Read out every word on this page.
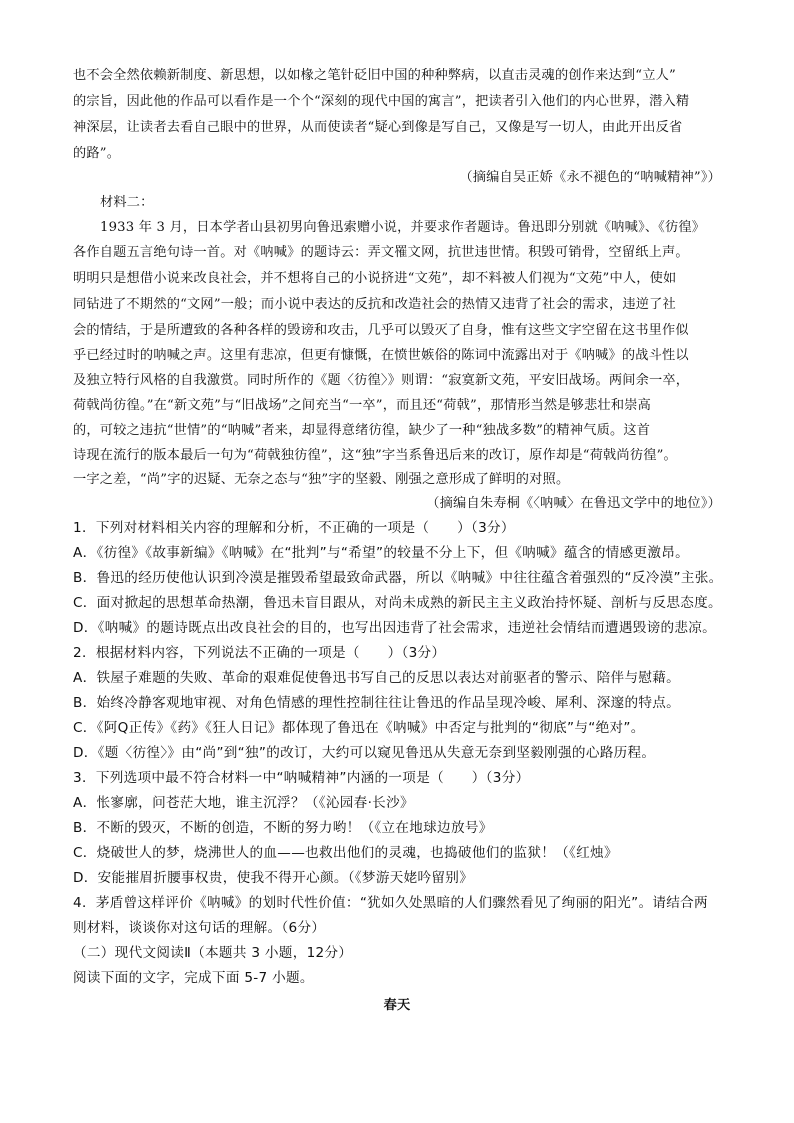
也不会全然依赖新制度、新思想，以如椽之笔针砭旧中国的种种弊病，以直击灵魂的创作来达到“立人”
的宗旨，因此他的作品可以看作是一个个“深刻的现代中国的寓言”，把读者引入他们的内心世界，潜入精
神深层，让读者去看自己眼中的世界，从而使读者“疑心到像是写自己，又像是写一切人，由此开出反省
的路”。
（摘编自吴正娇《永不褪色的“呐喊精神”》）
材料二：
1933 年 3 月，日本学者山县初男向鲁迅索赠小说，并要求作者题诗。鲁迅即分别就《呐喊》、《彷徨》
各作自题五言绝句诗一首。对《呐喊》的题诗云：弄文罹文网，抗世违世情。积毁可销骨，空留纸上声。
明明只是想借小说来改良社会，并不想将自己的小说挤进“文苑”，却不料被人们视为“文苑”中人，使如
同钻进了不期然的“文网”一般；而小说中表达的反抗和改造社会的热情又违背了社会的需求，违逆了社
会的情结，于是所遭致的各种各样的毁谤和攻击，几乎可以毁灭了自身，惟有这些文字空留在这书里作似
乎已经过时的呐喊之声。这里有悲凉，但更有慷慨，在愤世嫉俗的陈词中流露出对于《呐喊》的战斗性以
及独立特行风格的自我激赏。同时所作的《题〈彷徨〉》则谓：“寂寞新文苑，平安旧战场。两间余一卒，
荷戟尚彷徨。”在“新文苑”与“旧战场”之间充当“一卒”，而且还“荷戟”，那情形当然是够悲壮和崇高
的，可较之违抗“世情”的“呐喊”者来，却显得意绪彷徨，缺少了一种“独战多数”的精神气质。这首
诗现在流行的版本最后一句为“荷戟独彷徨”，这“独”字当系鲁迅后来的改订，原作却是“荷戟尚彷徨”。
一字之差，“尚”字的迟疑、无奈之态与“独”字的坚毅、刚强之意形成了鲜明的对照。
（摘编自朱寿桐《〈呐喊〉在鲁迅文学中的地位》）
1．下列对材料相关内容的理解和分析，不正确的一项是（　　）（3分）
A．《彷徨》《故事新编》《呐喊》在“批判”与“希望”的较量不分上下，但《呐喊》蕴含的情感更激昂。
B．鲁迅的经历使他认识到冷漠是摧毁希望最致命武器，所以《呐喊》中往往蕴含着强烈的“反冷漠”主张。
C．面对掀起的思想革命热潮，鲁迅未盲目跟从，对尚未成熟的新民主主义政治持怀疑、剖析与反思态度。
D．《呐喊》的题诗既点出改良社会的目的，也写出因违背了社会需求，违逆社会情结而遭遇毁谤的悲凉。
2．根据材料内容，下列说法不正确的一项是（　　）（3分）
A．铁屋子难题的失败、革命的艰难促使鲁迅书写自己的反思以表达对前驱者的警示、陪伴与慰藉。
B．始终冷静客观地审视、对角色情感的理性控制往往让鲁迅的作品呈现冷峻、犀利、深邃的特点。
C．《阿Q正传》《药》《狂人日记》都体现了鲁迅在《呐喊》中否定与批判的“彻底”与“绝对”。
D．《题〈彷徨〉》由“尚”到“独”的改订，大约可以窥见鲁迅从失意无奈到坚毅刚强的心路历程。
3．下列选项中最不符合材料一中“呐喊精神”内涵的一项是（　　）（3分）
A．怅寥廓，问苍茫大地，谁主沉浮？（《沁园春·长沙》
B．不断的毁灭，不断的创造，不断的努力哟！（《立在地球边放号》
C．烧破世人的梦，烧沸世人的血——也救出他们的灵魂，也捣破他们的监狱！（《红烛》
D．安能摧眉折腰事权贵，使我不得开心颜。（《梦游天姥吟留别》
4．茅盾曾这样评价《呐喊》的划时代性价值：“犹如久处黑暗的人们骤然看见了绚丽的阳光”。请结合两
则材料，谈谈你对这句话的理解。（6分）
（二）现代文阅读Ⅱ（本题共 3 小题，12分）
阅读下面的文字，完成下面 5-7 小题。
春天
